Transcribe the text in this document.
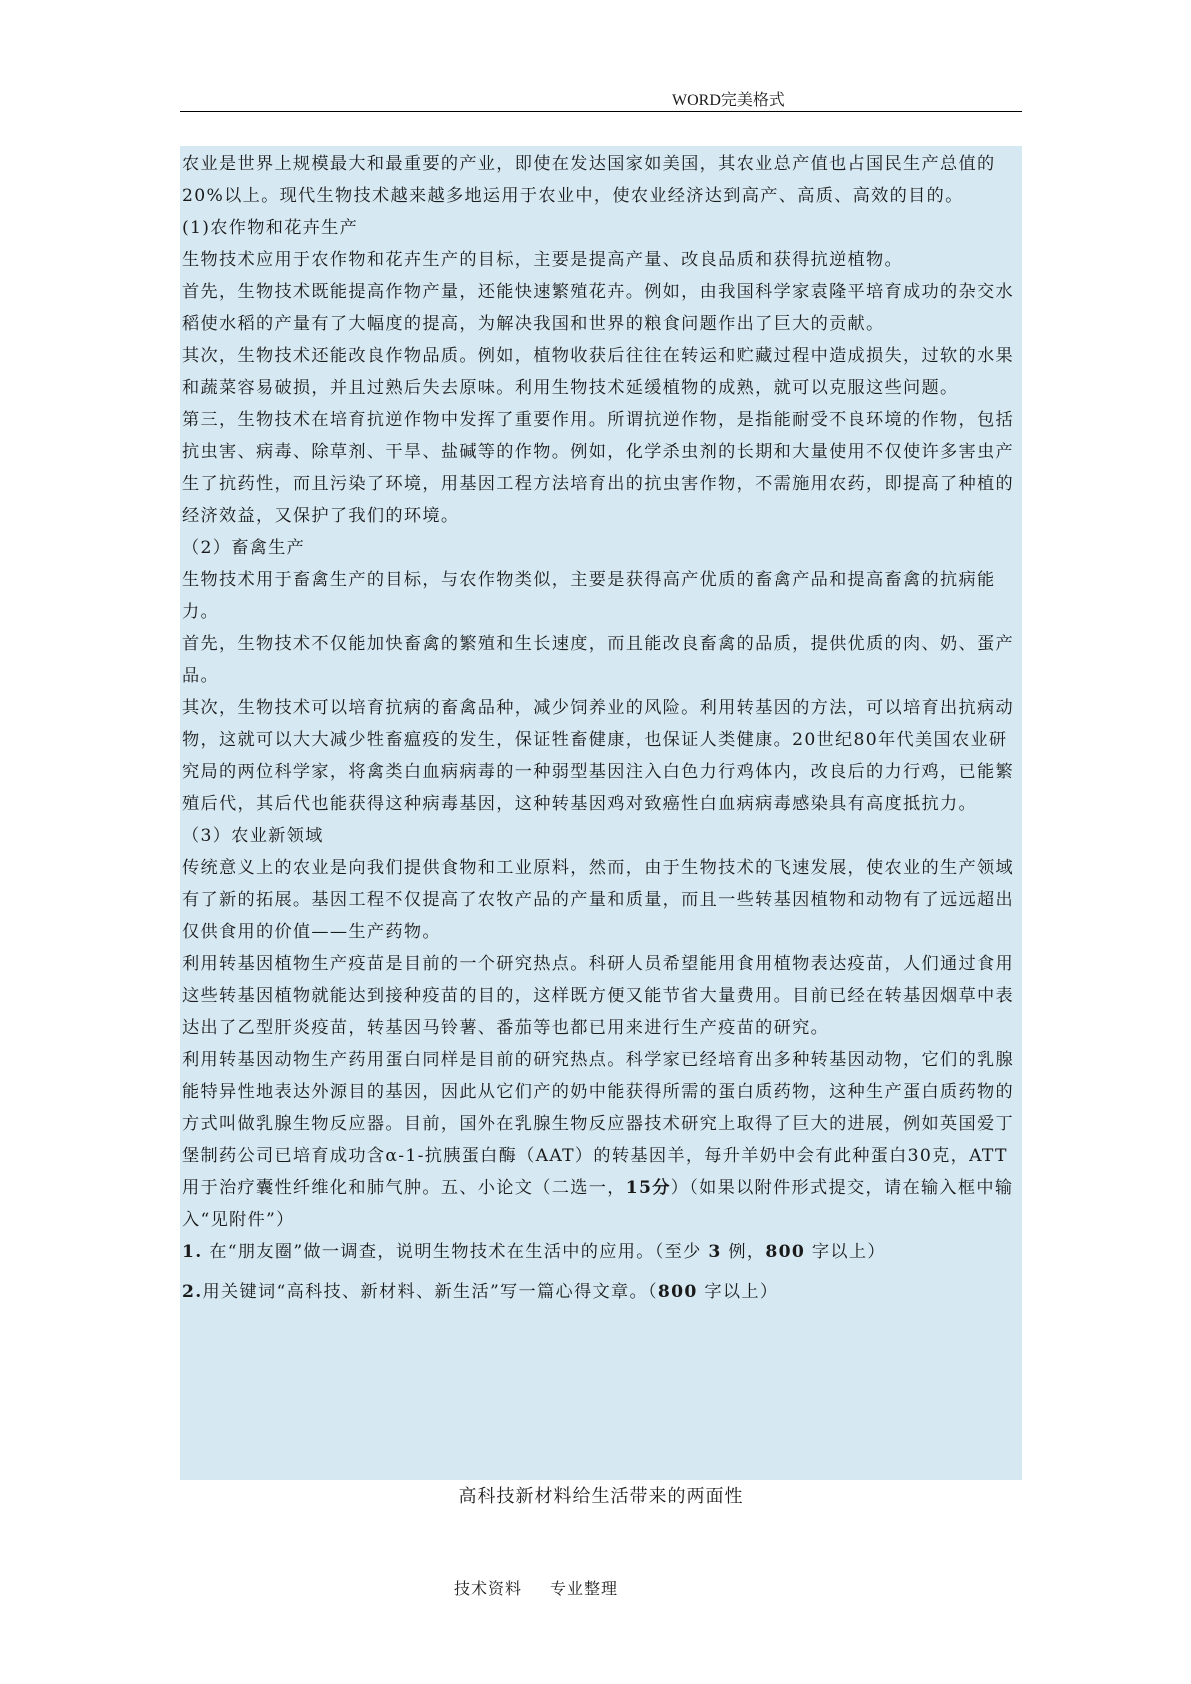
WORD完美格式

农业是世界上规模最大和最重要的产业，即使在发达国家如美国，其农业总产值也占国民生产总值的20%以上。现代生物技术越来越多地运用于农业中，使农业经济达到高产、高质、高效的目的。

(1)农作物和花卉生产

生物技术应用于农作物和花卉生产的目标，主要是提高产量、改良品质和获得抗逆植物。

首先，生物技术既能提高作物产量，还能快速繁殖花卉。例如，由我国科学家袁隆平培育成功的杂交水稻使水稻的产量有了大幅度的提高，为解决我国和世界的粮食问题作出了巨大的贡献。

其次，生物技术还能改良作物品质。例如，植物收获后往往在转运和贮藏过程中造成损失，过软的水果和蔬菜容易破损，并且过熟后失去原味。利用生物技术延缓植物的成熟，就可以克服这些问题。

第三，生物技术在培育抗逆作物中发挥了重要作用。所谓抗逆作物，是指能耐受不良环境的作物，包括抗虫害、病毒、除草剂、干旱、盐碱等的作物。例如，化学杀虫剂的长期和大量使用不仅使许多害虫产生了抗药性，而且污染了环境，用基因工程方法培育出的抗虫害作物，不需施用农药，即提高了种植的经济效益，又保护了我们的环境。

（2）畜禽生产

生物技术用于畜禽生产的目标，与农作物类似，主要是获得高产优质的畜禽产品和提高畜禽的抗病能力。

首先，生物技术不仅能加快畜禽的繁殖和生长速度，而且能改良畜禽的品质，提供优质的肉、奶、蛋产品。

其次，生物技术可以培育抗病的畜禽品种，减少饲养业的风险。利用转基因的方法，可以培育出抗病动物，这就可以大大减少牲畜瘟疫的发生，保证牲畜健康，也保证人类健康。20世纪80年代美国农业研究局的两位科学家，将禽类白血病病毒的一种弱型基因注入白色力行鸡体内，改良后的力行鸡，已能繁殖后代，其后代也能获得这种病毒基因，这种转基因鸡对致癌性白血病病毒感染具有高度抵抗力。

（3）农业新领域

传统意义上的农业是向我们提供食物和工业原料，然而，由于生物技术的飞速发展，使农业的生产领域有了新的拓展。基因工程不仅提高了农牧产品的产量和质量，而且一些转基因植物和动物有了远远超出仅供食用的价值——生产药物。

利用转基因植物生产疫苗是目前的一个研究热点。科研人员希望能用食用植物表达疫苗，人们通过食用这些转基因植物就能达到接种疫苗的目的，这样既方便又能节省大量费用。目前已经在转基因烟草中表达出了乙型肝炎疫苗，转基因马铃薯、番茄等也都已用来进行生产疫苗的研究。

利用转基因动物生产药用蛋白同样是目前的研究热点。科学家已经培育出多种转基因动物，它们的乳腺能特异性地表达外源目的基因，因此从它们产的奶中能获得所需的蛋白质药物，这种生产蛋白质药物的方式叫做乳腺生物反应器。目前，国外在乳腺生物反应器技术研究上取得了巨大的进展，例如英国爱丁堡制药公司已培育成功含α-1-抗胰蛋白酶（AAT）的转基因羊，每升羊奶中会有此种蛋白30克，ATT用于治疗囊性纤维化和肺气肿。五、小论文（二选一，15分）（如果以附件形式提交，请在输入框中输入“见附件”）

1. 在“朋友圈”做一调查，说明生物技术在生活中的应用。（至少 3 例，800 字以上）

2.用关键词“高科技、新材料、新生活”写一篇心得文章。（800 字以上）

高科技新材料给生活带来的两面性
技术资料 专业整理
